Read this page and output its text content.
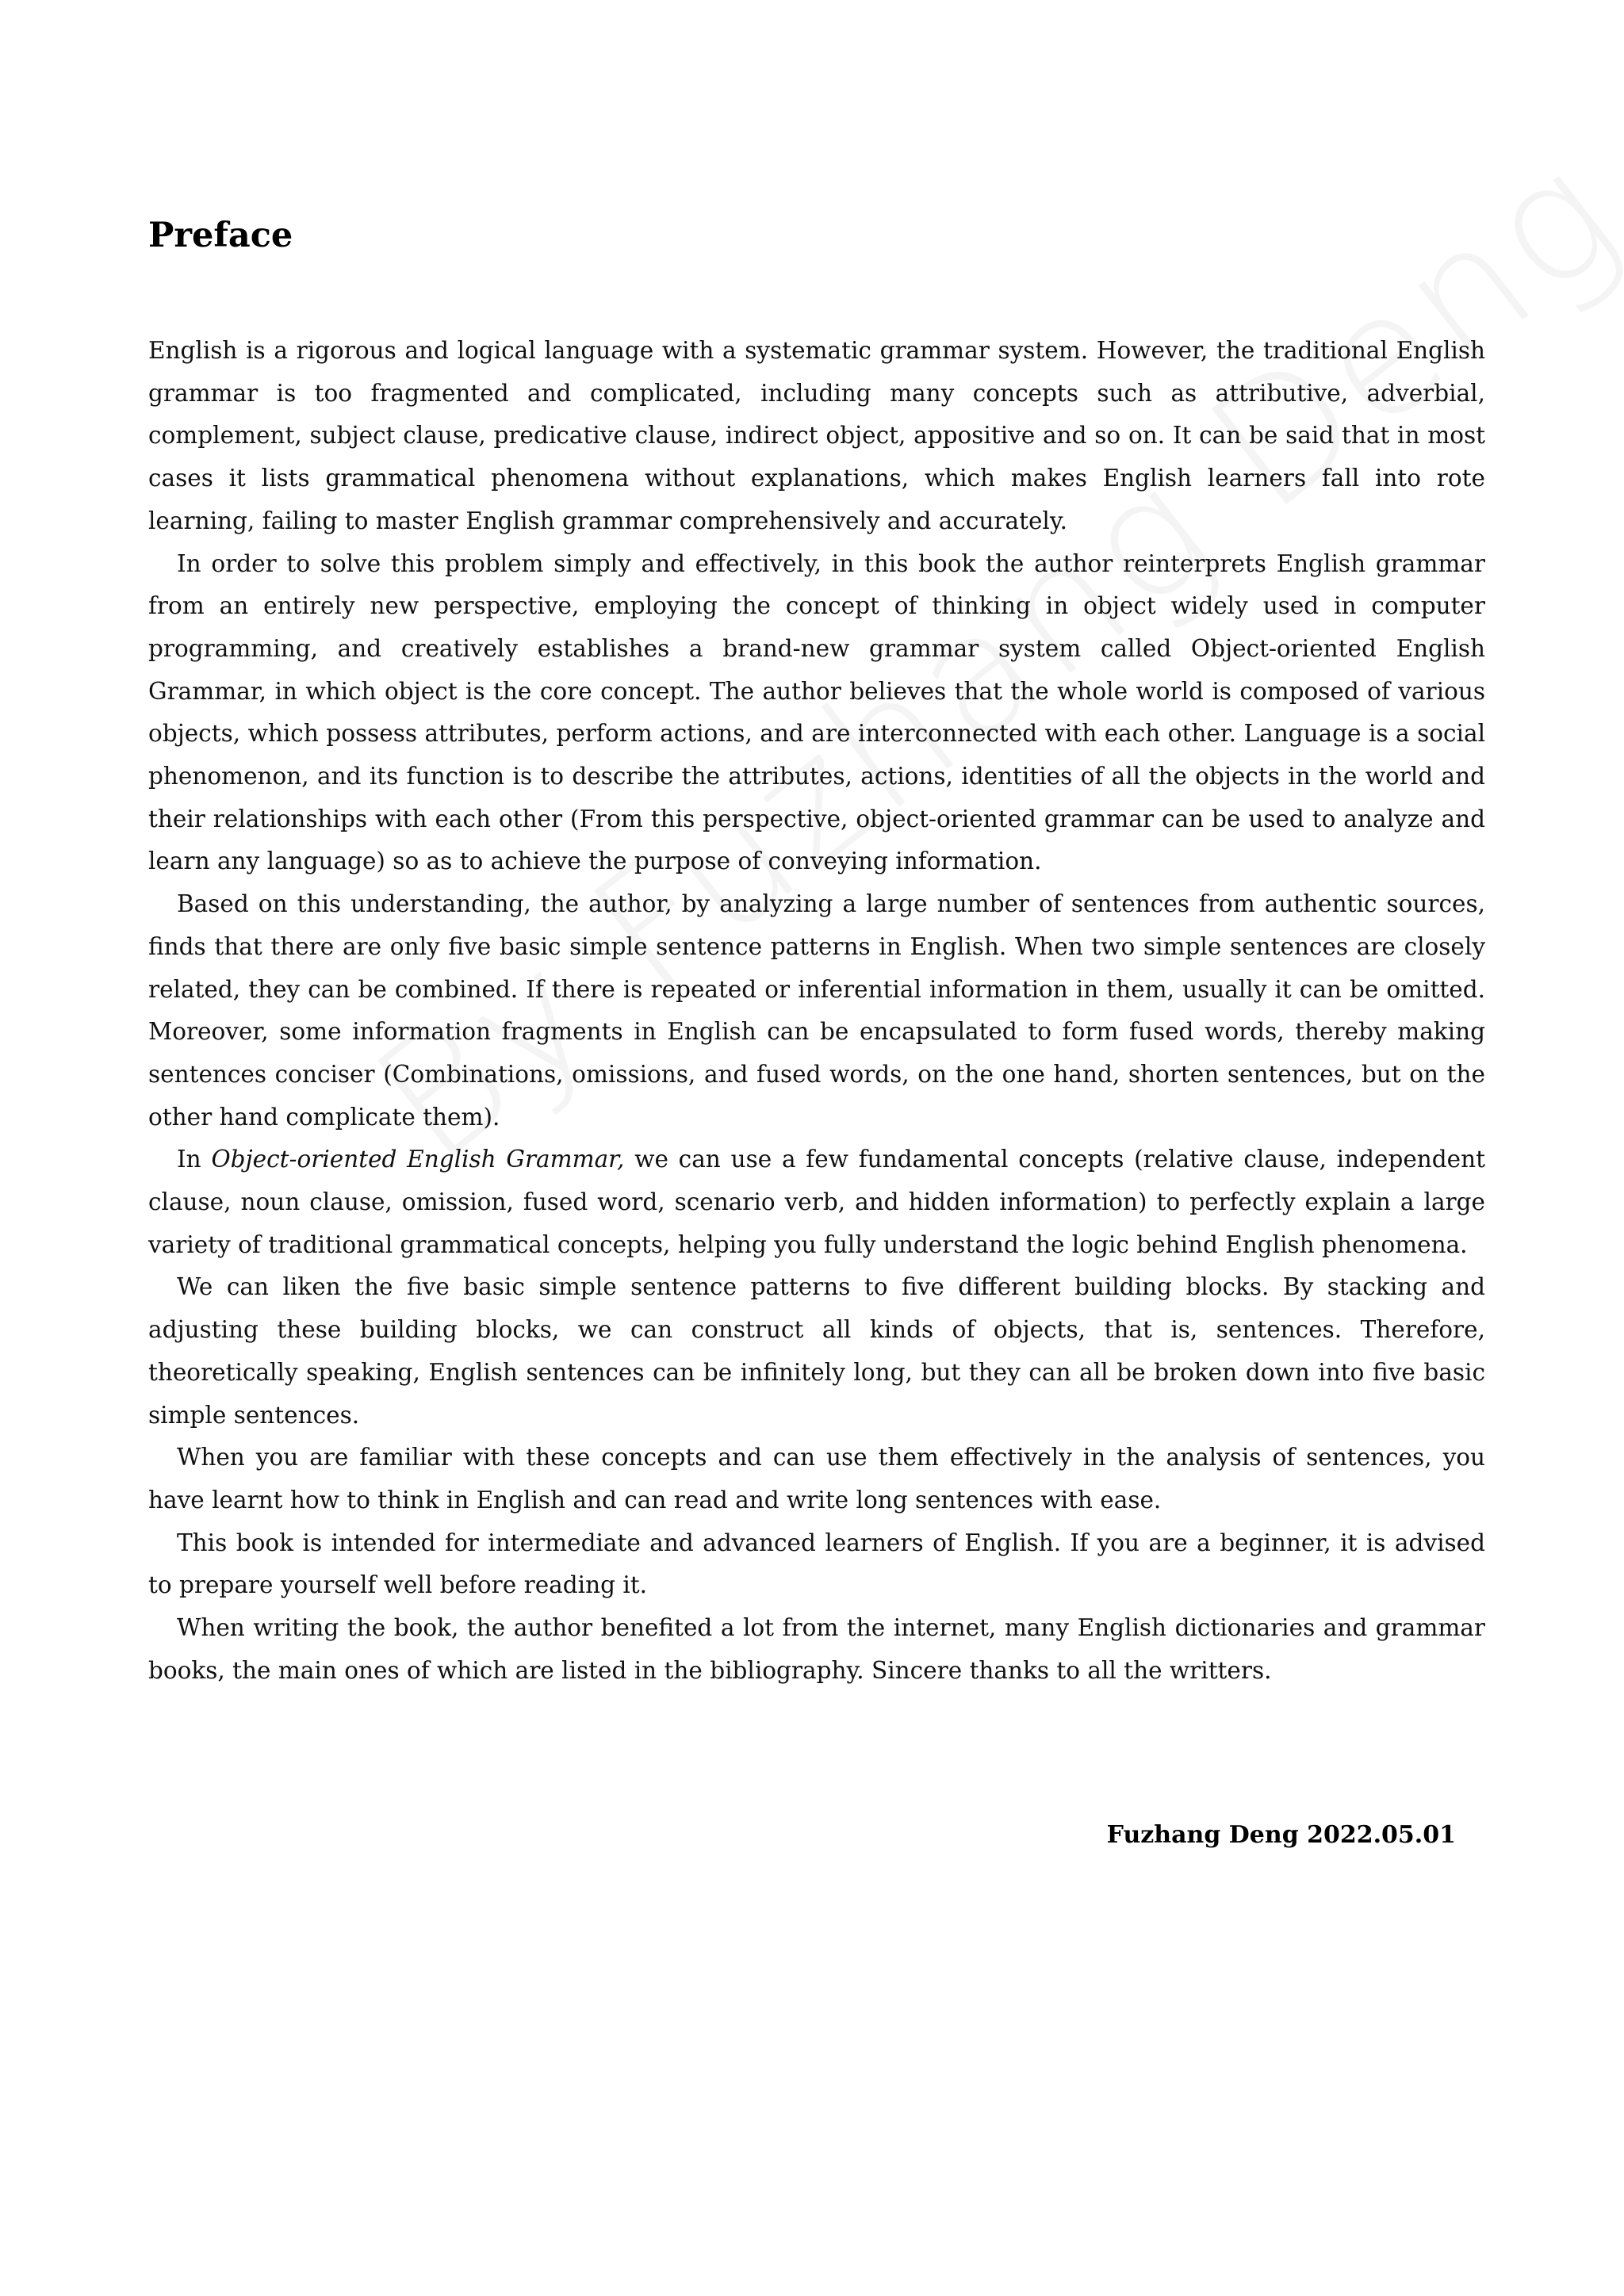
Preface

English is a rigorous and logical language with a systematic grammar system. However, the traditional English grammar is too fragmented and complicated, including many concepts such as attributive, adverbial, complement, subject clause, predicative clause, indirect object, appositive and so on. It can be said that in most cases it lists grammatical phenomena without explanations, which makes English learners fall into rote learning, failing to master English grammar comprehensively and accurately.

In order to solve this problem simply and effectively, in this book the author reinterprets English grammar from an entirely new perspective, employing the concept of thinking in object widely used in computer programming, and creatively establishes a brand-new grammar system called Object-oriented English Grammar, in which object is the core concept. The author believes that the whole world is composed of various objects, which possess attributes, perform actions, and are interconnected with each other. Language is a social phenomenon, and its function is to describe the attributes, actions, identities of all the objects in the world and their relationships with each other (From this perspective, object-oriented grammar can be used to analyze and learn any language) so as to achieve the purpose of conveying information.

Based on this understanding, the author, by analyzing a large number of sentences from authentic sources, finds that there are only five basic simple sentence patterns in English. When two simple sentences are closely related, they can be combined. If there is repeated or inferential information in them, usually it can be omitted. Moreover, some information fragments in English can be encapsulated to form fused words, thereby making sentences conciser (Combinations, omissions, and fused words, on the one hand, shorten sentences, but on the other hand complicate them).

In Object-oriented English Grammar, we can use a few fundamental concepts (relative clause, independent clause, noun clause, omission, fused word, scenario verb, and hidden information) to perfectly explain a large variety of traditional grammatical concepts, helping you fully understand the logic behind English phenomena.

We can liken the five basic simple sentence patterns to five different building blocks. By stacking and adjusting these building blocks, we can construct all kinds of objects, that is, sentences. Therefore, theoretically speaking, English sentences can be infinitely long, but they can all be broken down into five basic simple sentences.

When you are familiar with these concepts and can use them effectively in the analysis of sentences, you have learnt how to think in English and can read and write long sentences with ease.

This book is intended for intermediate and advanced learners of English. If you are a beginner, it is advised to prepare yourself well before reading it.

When writing the book, the author benefited a lot from the internet, many English dictionaries and grammar books, the main ones of which are listed in the bibliography. Sincere thanks to all the writters.

Fuzhang Deng 2022.05.01
